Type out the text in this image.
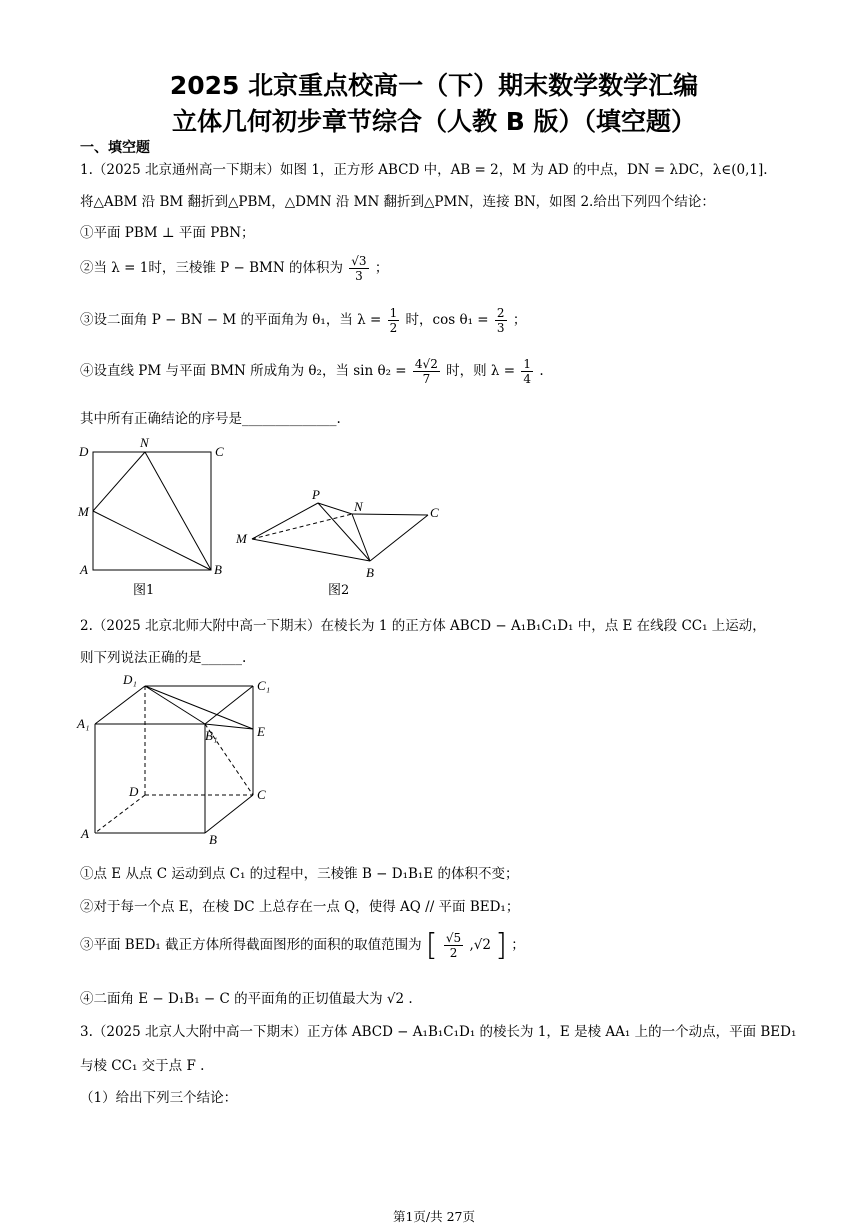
2025 北京重点校高一（下）期末数学数学汇编
立体几何初步章节综合（人教 B 版）（填空题）
一、填空题
1.（2025 北京通州高一下期末）如图 1，正方形 ABCD 中，AB = 2，M 为 AD 的中点，DN = λDC，λ∈(0,1].
将△ABM 沿 BM 翻折到△PBM，△DMN 沿 MN 翻折到△PMN，连接 BN，如图 2.给出下列四个结论：
①平面 PBM ⊥ 平面 PBN；
②当 λ = 1时，三棱锥 P − BMN 的体积为 $\frac{√3}{3}$ ；
③设二面角 P − BN − M 的平面角为 θ₁，当 $\lambda = \frac{1}{2}$ 时，$\cos \theta_1 = \frac{2}{3}$ ；
④设直线 PM 与平面 BMN 所成角为 θ₂，当 $\sin \theta_2 = \frac{4√2}{7}$ 时，则 $\lambda = \frac{1}{4}$ .
其中所有正确结论的序号是______________.
D
N
C
M
A	B
图1
P
N	C
M
B
图2
2.（2025 北京北师大附中高一下期末）在棱长为 1 的正方体 ABCD − A₁B₁C₁D₁ 中，点 E 在线段 CC₁ 上运动，
则下列说法正确的是______.
D₁	C₁
A₁
B₁	E
D	C
A	B
①点 E 从点 C 运动到点 C₁ 的过程中，三棱锥 B − D₁B₁E 的体积不变；
②对于每一个点 E，在棱 DC 上总存在一点 Q，使得 AQ // 平面 BED₁；
③平面 BED₁ 截正方体所得截面图形的面积的取值范围为 [ $\frac{√5}{2} ,√2$ ] ；
④二面角 E − D₁B₁ − C 的平面角的正切值最大为 √2 .
3.（2025 北京人大附中高一下期末）正方体 ABCD − A₁B₁C₁D₁ 的棱长为 1，E 是棱 AA₁ 上的一个动点，平面 BED₁
与棱 CC₁ 交于点 F .
（1）给出下列三个结论：
第1页/共 27页
